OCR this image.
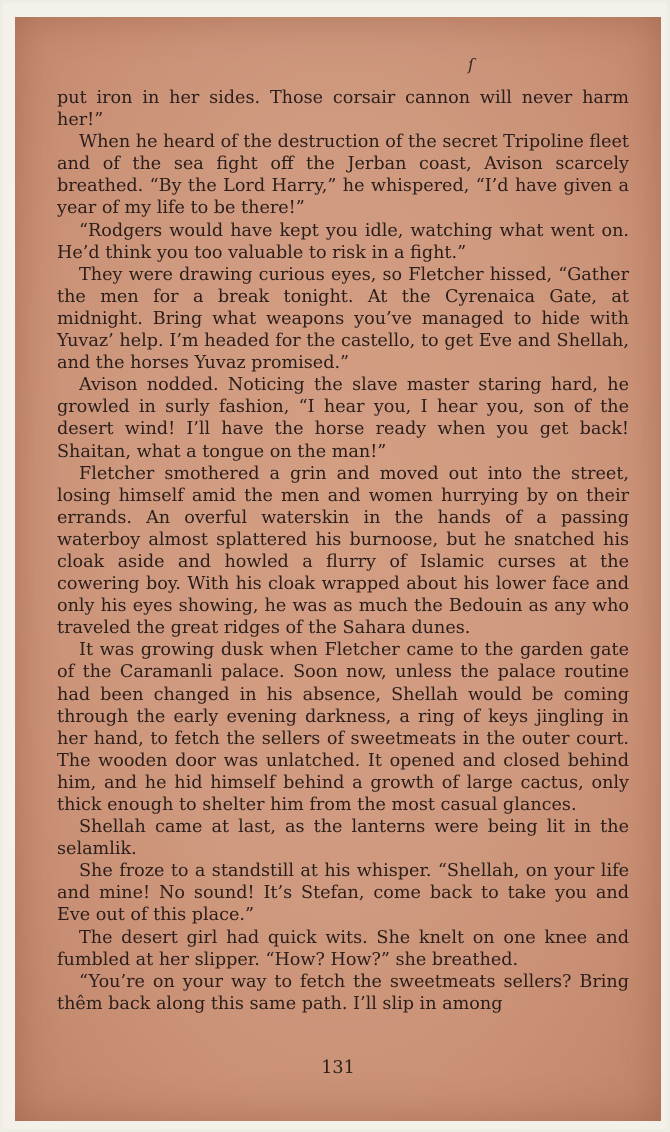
ſ

put iron in her sides. Those corsair cannon will never harm her!”

When he heard of the destruction of the secret Tripoline fleet and of the sea fight off the Jerban coast, Avison scarcely breathed. “By the Lord Harry,” he whispered, “I’d have given a year of my life to be there!”

“Rodgers would have kept you idle, watching what went on. He’d think you too valuable to risk in a fight.”

They were drawing curious eyes, so Fletcher hissed, “Gather the men for a break tonight. At the Cyrenaica Gate, at midnight. Bring what weapons you’ve managed to hide with Yuvaz’ help. I’m headed for the castello, to get Eve and Shellah, and the horses Yuvaz promised.”

Avison nodded. Noticing the slave master staring hard, he growled in surly fashion, “I hear you, I hear you, son of the desert wind! I’ll have the horse ready when you get back! Shaitan, what a tongue on the man!”

Fletcher smothered a grin and moved out into the street, losing himself amid the men and women hurrying by on their errands. An overful waterskin in the hands of a passing waterboy almost splattered his burnoose, but he snatched his cloak aside and howled a flurry of Islamic curses at the cowering boy. With his cloak wrapped about his lower face and only his eyes showing, he was as much the Bedouin as any who traveled the great ridges of the Sahara dunes.

It was growing dusk when Fletcher came to the garden gate of the Caramanli palace. Soon now, unless the palace routine had been changed in his absence, Shellah would be coming through the early evening darkness, a ring of keys jingling in her hand, to fetch the sellers of sweetmeats in the outer court. The wooden door was unlatched. It opened and closed behind him, and he hid himself behind a growth of large cactus, only thick enough to shelter him from the most casual glances.

Shellah came at last, as the lanterns were being lit in the selamlik.

She froze to a standstill at his whisper. “Shellah, on your life and mine! No sound! It’s Stefan, come back to take you and Eve out of this place.”

The desert girl had quick wits. She knelt on one knee and fumbled at her slipper. “How? How?” she breathed.

“You’re on your way to fetch the sweetmeats sellers? Bring thêm back along this same path. I’ll slip in among

131
